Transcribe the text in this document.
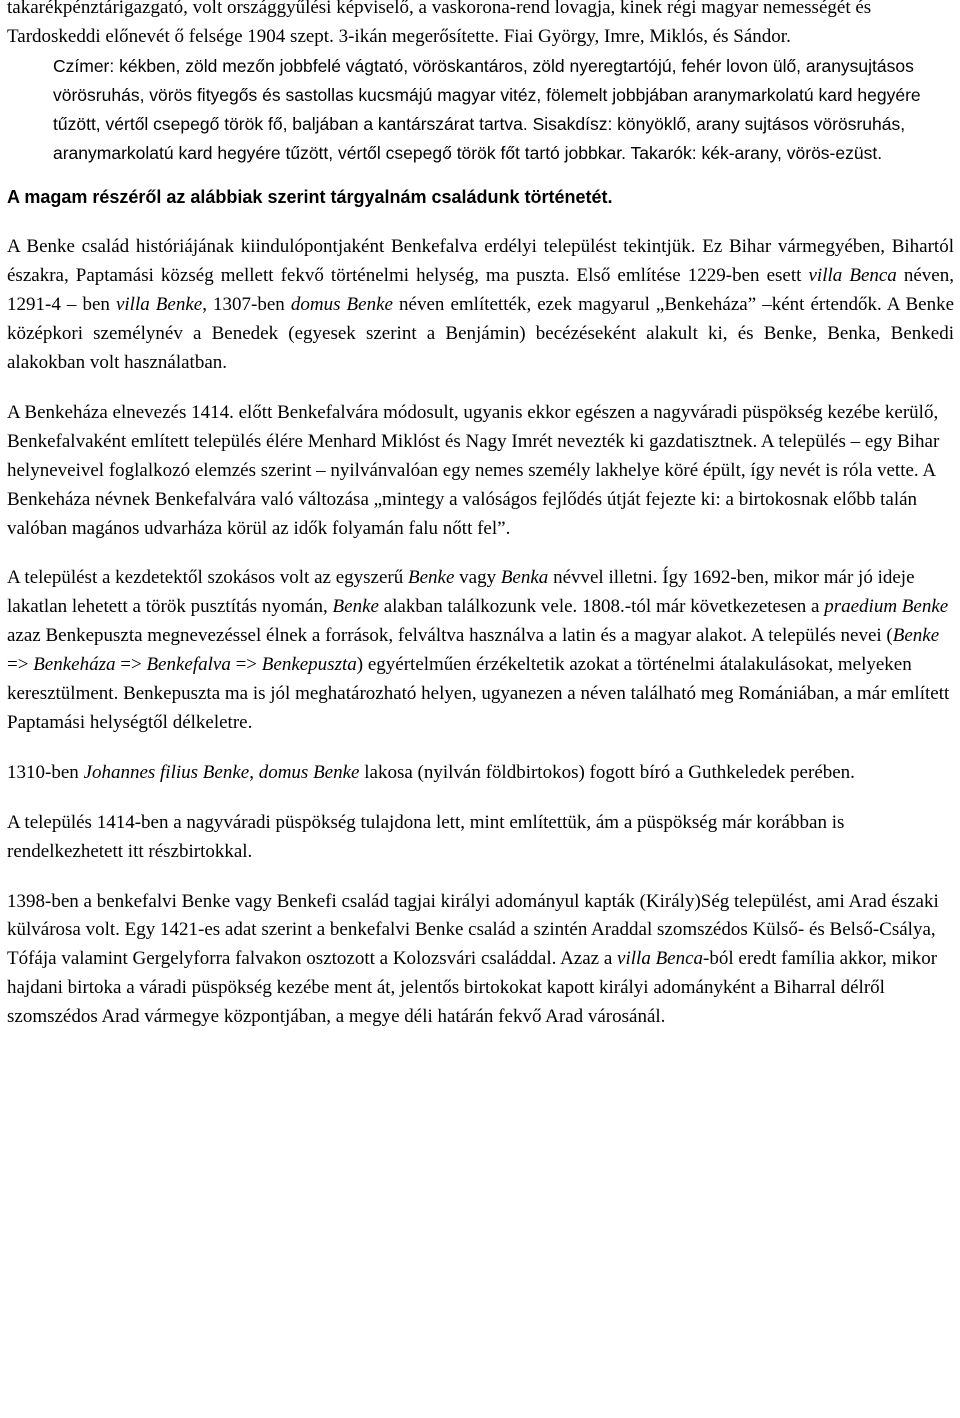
takarékpénztárigazgató, volt országgyűlési képviselő, a vaskorona-rend lovagja, kinek régi magyar nemességét és Tardoskeddi előnevét ő felsége 1904 szept. 3-ikán megerősítette. Fiai György, Imre, Miklós, és Sándor.

Czímer: kékben, zöld mezőn jobbfelé vágtató, vöröskantáros, zöld nyeregtartójú, fehér lovon ülő, aranysujtásos vörösruhás, vörös fityegős és sastollas kucsmájú magyar vitéz, fölemelt jobbjában aranymarkolatú kard hegyére tűzött, vértől csepegő török fő, baljában a kantárszárat tartva. Sisakdísz: könyöklő, arany sujtásos vörösruhás, aranymarkolatú kard hegyére tűzött, vértől csepegő török főt tartó jobbkar. Takarók: kék-arany, vörös-ezüst.

A magam részéről az alábbiak szerint tárgyalnám családunk történetét.

A Benke család históriájának kiindulópontjaként Benkefalva erdélyi települést tekintjük. Ez Bihar vármegyében, Bihartól északra, Paptamási község mellett fekvő történelmi helység, ma puszta. Első említése 1229-ben esett villa Benca néven, 1291-4 – ben villa Benke, 1307-ben domus Benke néven említették, ezek magyarul „Benkeháza” –ként értendők. A Benke középkori személynév a Benedek (egyesek szerint a Benjámin) becézéseként alakult ki, és Benke, Benka, Benkedi alakokban volt használatban.

A Benkeháza elnevezés 1414. előtt Benkefalvára módosult, ugyanis ekkor egészen a nagyváradi püspökség kezébe kerülő, Benkefalvaként említett település élére Menhard Miklóst és Nagy Imrét nevezték ki gazdatisztnek. A település – egy Bihar helyneveivel foglalkozó elemzés szerint – nyilvánvalóan egy nemes személy lakhelye köré épült, így nevét is róla vette. A Benkeháza névnek Benkefalvára való változása „mintegy a valóságos fejlődés útját fejezte ki: a birtokosnak előbb talán valóban magános udvarháza körül az idők folyamán falu nőtt fel”.

A települést a kezdetektől szokásos volt az egyszerű Benke vagy Benka névvel illetni. Így 1692-ben, mikor már jó ideje lakatlan lehetett a török pusztítás nyomán, Benke alakban találkozunk vele. 1808.-tól már következetesen a praedium Benke azaz Benkepuszta megnevezéssel élnek a források, felváltva használva a latin és a magyar alakot. A település nevei (Benke => Benkeháza => Benkefalva => Benkepuszta) egyértelműen érzékeltetik azokat a történelmi átalakulásokat, melyeken keresztülment. Benkepuszta ma is jól meghatározható helyen, ugyanezen a néven található meg Romániában, a már említett Paptamási helységtől délkeletre.

1310-ben Johannes filius Benke, domus Benke lakosa (nyilván földbirtokos) fogott bíró a Guthkeledek perében.

A település 1414-ben a nagyváradi püspökség tulajdona lett, mint említettük, ám a püspökség már korábban is rendelkezhetett itt részbirtokkal.

1398-ben a benkefalvi Benke vagy Benkefi család tagjai királyi adományul kapták (Király)Ség települést, ami Arad északi külvárosa volt. Egy 1421-es adat szerint a benkefalvi Benke család a szintén Araddal szomszédos Külső- és Belső-Csálya, Tófája valamint Gergelyforra falvakon osztozott a Kolozsvári családdal. Azaz a villa Benca-ból eredt família akkor, mikor hajdani birtoka a váradi püspökség kezébe ment át, jelentős birtokokat kapott királyi adományként a Biharral délről szomszédos Arad vármegye központjában, a megye déli határán fekvő Arad városánál.
